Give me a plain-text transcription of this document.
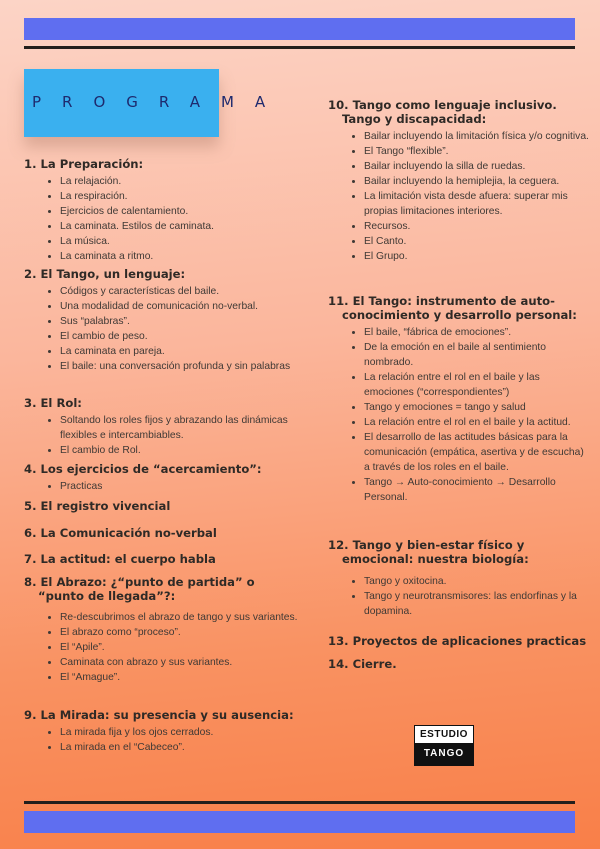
PROGRAMA
1. La Preparación:
• La relajación.
• La respiración.
• Ejercicios de calentamiento.
• La caminata. Estilos de caminata.
• La música.
• La caminata a ritmo.
2. El Tango, un lenguaje:
• Códigos y características del baile.
• Una modalidad de comunicación no-verbal.
• Sus “palabras”.
• El cambio de peso.
• La caminata en pareja.
• El baile: una conversación profunda y sin palabras
3. El Rol:
• Soltando los roles fijos y abrazando las dinámicas flexibles e intercambiables.
• El cambio de Rol.
4. Los ejercicios de “acercamiento”:
• Practicas
5. El registro vivencial
6. La Comunicación no-verbal
7. La actitud: el cuerpo habla
8. El Abrazo: ¿“punto de partida” o “punto de llegada”?:
• Re-descubrimos el abrazo de tango y sus variantes.
• El abrazo como “proceso”.
• El “Apile”.
• Caminata con abrazo y sus variantes.
• El “Amague”.
9. La Mirada: su presencia y su ausencia:
• La mirada fija y los ojos cerrados.
• La mirada en el “Cabeceo”.
10. Tango como lenguaje inclusivo. Tango y discapacidad:
• Bailar incluyendo la limitación física y/o cognitiva.
• El Tango “flexible”.
• Bailar incluyendo la silla de ruedas.
• Bailar incluyendo la hemiplejia, la ceguera.
• La limitación vista desde afuera: superar mis propias limitaciones interiores.
• Recursos.
• El Canto.
• El Grupo.
11. El Tango: instrumento de auto-conocimiento y desarrollo personal:
• El baile, “fábrica de emociones”.
• De la emoción en el baile al sentimiento nombrado.
• La relación entre el rol en el baile y las emociones (“correspondientes”)
• Tango y emociones = tango y salud
• La relación entre el rol en el baile y la actitud.
• El desarrollo de las actitudes básicas para la comunicación (empática, asertiva y de escucha) a través de los roles en el baile.
• Tango → Auto-conocimiento → Desarrollo Personal.
12. Tango y bien-estar físico y emocional: nuestra biología:
• Tango y oxitocina.
• Tango y neurotransmisores: las endorfinas y la dopamina.
13. Proyectos de aplicaciones practicas
14. Cierre.
ESTUDIO
TANGO
